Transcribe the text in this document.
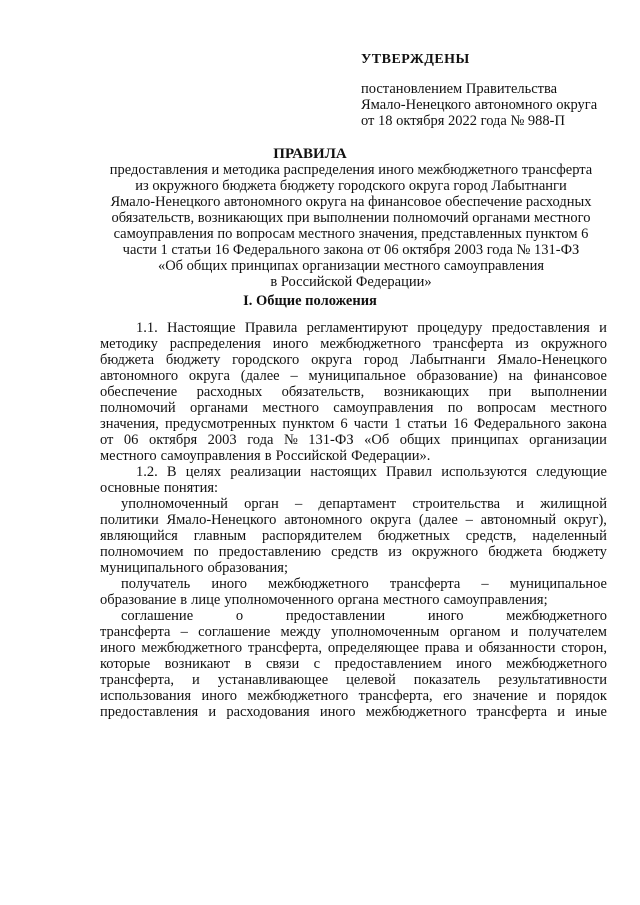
УТВЕРЖДЕНЫ
постановлением Правительства
Ямало-Ненецкого автономного округа
от 18 октября 2022 года № 988-П
ПРАВИЛА
предоставления и методика распределения иного межбюджетного трансферта
из окружного бюджета бюджету городского округа город Лабытнанги
Ямало-Ненецкого автономного округа на финансовое обеспечение расходных
обязательств, возникающих при выполнении полномочий органами местного
самоуправления по вопросам местного значения, представленных пунктом 6
части 1 статьи 16 Федерального закона от 06 октября 2003 года № 131-ФЗ
«Об общих принципах организации местного самоуправления
в Российской Федерации»
I. Общие положения
1.1. Настоящие Правила регламентируют процедуру предоставления и
методику распределения иного межбюджетного трансферта из окружного
бюджета бюджету городского округа город Лабытнанги Ямало-Ненецкого
автономного округа (далее – муниципальное образование) на финансовое
обеспечение расходных обязательств, возникающих при выполнении
полномочий органами местного самоуправления по вопросам местного
значения, предусмотренных пунктом 6 части 1 статьи 16 Федерального закона
от 06 октября 2003 года № 131-ФЗ «Об общих принципах организации
местного самоуправления в Российской Федерации».
1.2. В целях реализации настоящих Правил используются следующие
основные понятия:
уполномоченный орган – департамент строительства и жилищной
политики Ямало-Ненецкого автономного округа (далее – автономный округ),
являющийся главным распорядителем бюджетных средств, наделенный
полномочием по предоставлению средств из окружного бюджета бюджету
муниципального образования;
получатель иного межбюджетного трансферта – муниципальное
образование в лице уполномоченного органа местного самоуправления;
соглашение	о	предоставлении	иного	межбюджетного
трансферта – соглашение между уполномоченным органом и получателем
иного межбюджетного трансферта, определяющее права и обязанности сторон,
которые возникают в связи с предоставлением иного межбюджетного
трансферта, и устанавливающее целевой показатель результативности
использования иного межбюджетного трансферта, его значение и порядок
предоставления и расходования иного межбюджетного трансферта и иные
